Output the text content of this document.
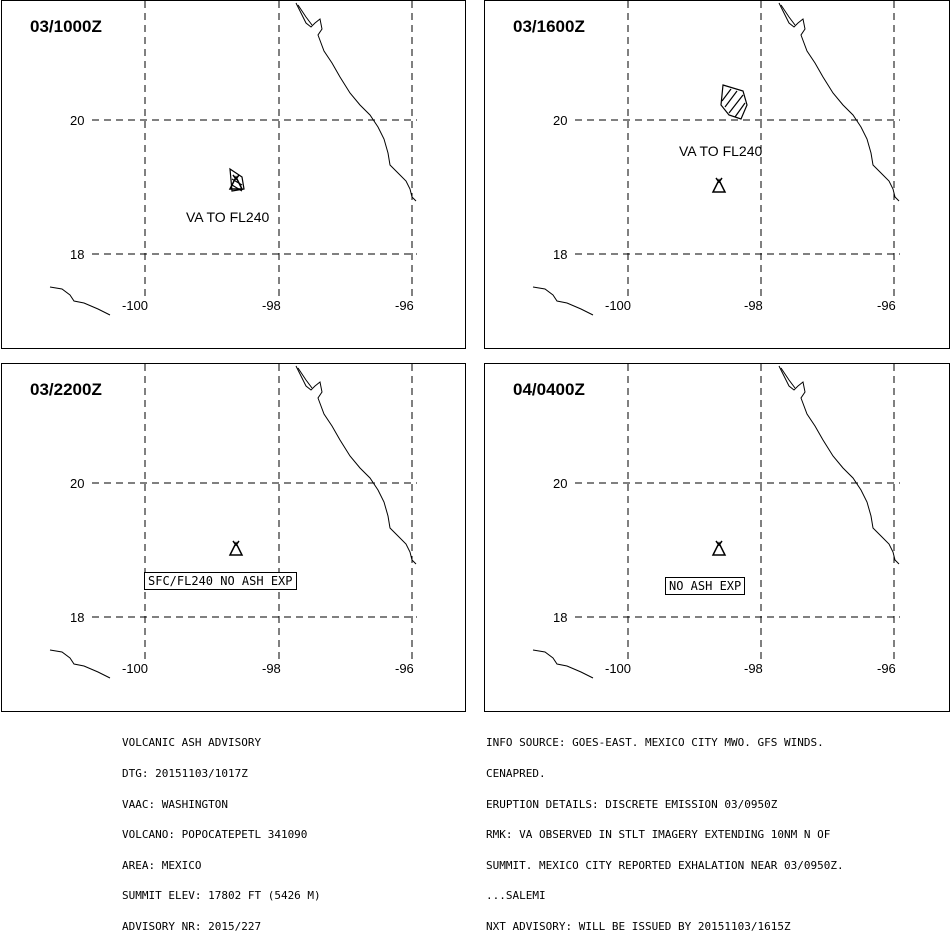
03/1000Z
VA TO FL240
20
18
-100	-98	-96
03/1600Z
VA TO FL240
20
18
-100	-98	-96
03/2200Z
SFC/FL240 NO ASH EXP
20
18
-100	-98	-96
04/0400Z
NO ASH EXP
20
18
-100	-98	-96

VOLCANIC ASH ADVISORY

DTG: 20151103/1017Z

VAAC: WASHINGTON

VOLCANO: POPOCATEPETL 341090

AREA: MEXICO

SUMMIT ELEV: 17802 FT (5426 M)

ADVISORY NR: 2015/227

INFO SOURCE: GOES-EAST. MEXICO CITY MWO. GFS WINDS.

CENAPRED.

ERUPTION DETAILS: DISCRETE EMISSION 03/0950Z

RMK: VA OBSERVED IN STLT IMAGERY EXTENDING 10NM N OF

SUMMIT. MEXICO CITY REPORTED EXHALATION NEAR 03/0950Z.

...SALEMI

NXT ADVISORY: WILL BE ISSUED BY 20151103/1615Z
